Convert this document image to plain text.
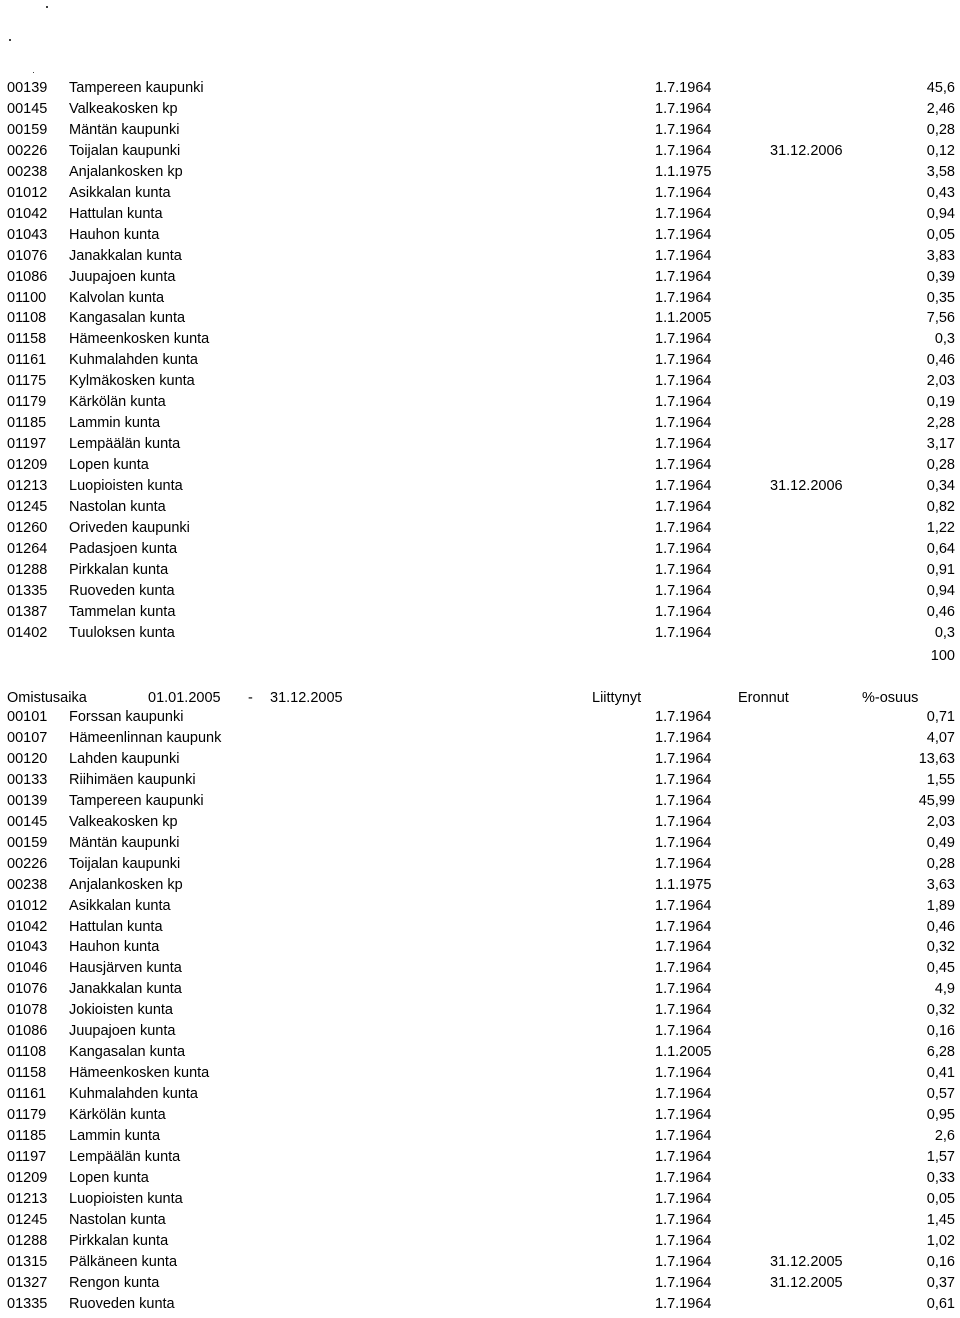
00139 Tampereen kaupunki	1.7.1964	45,6
00145 Valkeakosken kp	1.7.1964	2,46
00159 Mäntän kaupunki	1.7.1964	0,28
00226 Toijalan kaupunki	1.7.1964	31.12.2006	0,12
00238 Anjalankosken kp	1.1.1975	3,58
01012 Asikkalan kunta	1.7.1964	0,43
01042 Hattulan kunta	1.7.1964	0,94
01043 Hauhon kunta	1.7.1964	0,05
01076 Janakkalan kunta	1.7.1964	3,83
01086 Juupajoen kunta	1.7.1964	0,39
01100 Kalvolan kunta	1.7.1964	0,35
01108 Kangasalan kunta	1.1.2005	7,56
01158 Hämeenkosken kunta	1.7.1964	0,3
01161 Kuhmalahden kunta	1.7.1964	0,46
01175 Kylmäkosken kunta	1.7.1964	2,03
01179 Kärkölän kunta	1.7.1964	0,19
01185 Lammin kunta	1.7.1964	2,28
01197 Lempäälän kunta	1.7.1964	3,17
01209 Lopen kunta	1.7.1964	0,28
01213 Luopioisten kunta	1.7.1964	31.12.2006	0,34
01245 Nastolan kunta	1.7.1964	0,82
01260 Oriveden kaupunki	1.7.1964	1,22
01264 Padasjoen kunta	1.7.1964	0,64
01288 Pirkkalan kunta	1.7.1964	0,91
01335 Ruoveden kunta	1.7.1964	0,94
01387 Tammelan kunta	1.7.1964	0,46
01402 Tuuloksen kunta	1.7.1964	0,3
100
Omistusaika	01.01.2005 - 31.12.2005	Liittynyt	Eronnut	%-osuus
00101 Forssan kaupunki	1.7.1964	0,71
00107 Hämeenlinnan kaupunk	1.7.1964	4,07
00120 Lahden kaupunki	1.7.1964	13,63
00133 Riihimäen kaupunki	1.7.1964	1,55
00139 Tampereen kaupunki	1.7.1964	45,99
00145 Valkeakosken kp	1.7.1964	2,03
00159 Mäntän kaupunki	1.7.1964	0,49
00226 Toijalan kaupunki	1.7.1964	0,28
00238 Anjalankosken kp	1.1.1975	3,63
01012 Asikkalan kunta	1.7.1964	1,89
01042 Hattulan kunta	1.7.1964	0,46
01043 Hauhon kunta	1.7.1964	0,32
01046 Hausjärven kunta	1.7.1964	0,45
01076 Janakkalan kunta	1.7.1964	4,9
01078 Jokioisten kunta	1.7.1964	0,32
01086 Juupajoen kunta	1.7.1964	0,16
01108 Kangasalan kunta	1.1.2005	6,28
01158 Hämeenkosken kunta	1.7.1964	0,41
01161 Kuhmalahden kunta	1.7.1964	0,57
01179 Kärkölän kunta	1.7.1964	0,95
01185 Lammin kunta	1.7.1964	2,6
01197 Lempäälän kunta	1.7.1964	1,57
01209 Lopen kunta	1.7.1964	0,33
01213 Luopioisten kunta	1.7.1964	0,05
01245 Nastolan kunta	1.7.1964	1,45
01288 Pirkkalan kunta	1.7.1964	1,02
01315 Pälkäneen kunta	1.7.1964	31.12.2005	0,16
01327 Rengon kunta	1.7.1964	31.12.2005	0,37
01335 Ruoveden kunta	1.7.1964	0,61
